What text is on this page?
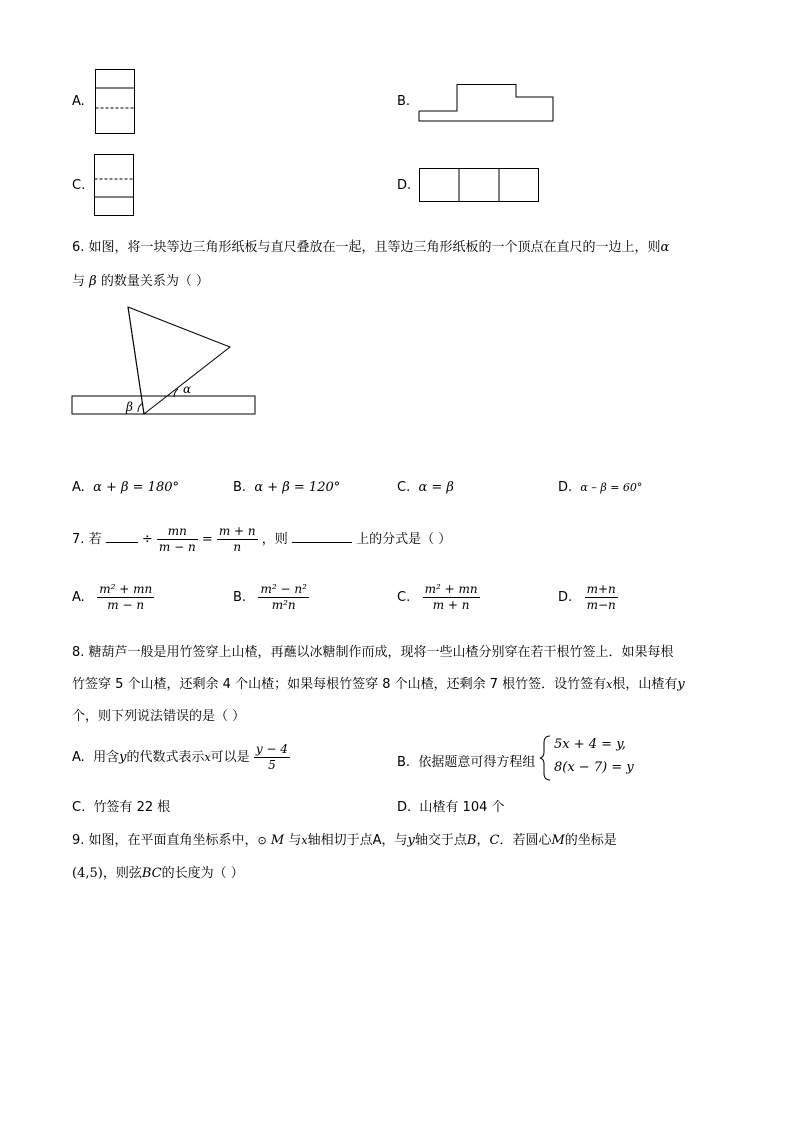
A.	B.
C.	D.
6. 如图，将一块等边三角形纸板与直尺叠放在一起，且等边三角形纸板的一个顶点在直尺的一边上，则α
与 β 的数量关系为（ ）
α
β
A. α + β = 180°	B. α + β = 120°	C. α = β	D. α – β = 60°
7. 若	÷ $\frac{mn}{m - n} = \frac{m + n}{n}$ ，则	上的分式是（ ）
A. $\frac{\text{m² + mn}}{m - n}$	B. $\frac{\text{m² − n²}}{\text{m²n}}$	C. $\frac{\text{m² + mn}}{m + n}$	D. $\frac{m+n}{m-n}$
8. 糖葫芦一般是用竹签穿上山楂，再蘸以冰糖制作而成，现将一些山楂分别穿在若干根竹签上．如果每根
竹签穿 5 个山楂，还剩余 4 个山楂；如果每根竹签穿 8 个山楂，还剩余 7 根竹签．设竹签有x根，山楂有y
个，则下列说法错误的是（ ）
A. 用含y的代数式表示x可以是 $\frac{y - 4}{5}$	B. 依据题意可得方程组
5x + 4 = y,
8(x − 7) = y
C. 竹签有 22 根	D. 山楂有 104 个
9. 如图，在平面直角坐标系中，⊙ M 与x轴相切于点A，与y轴交于点B，C．若圆心M的坐标是
(4,5)，则弦BC的长度为（ ）
